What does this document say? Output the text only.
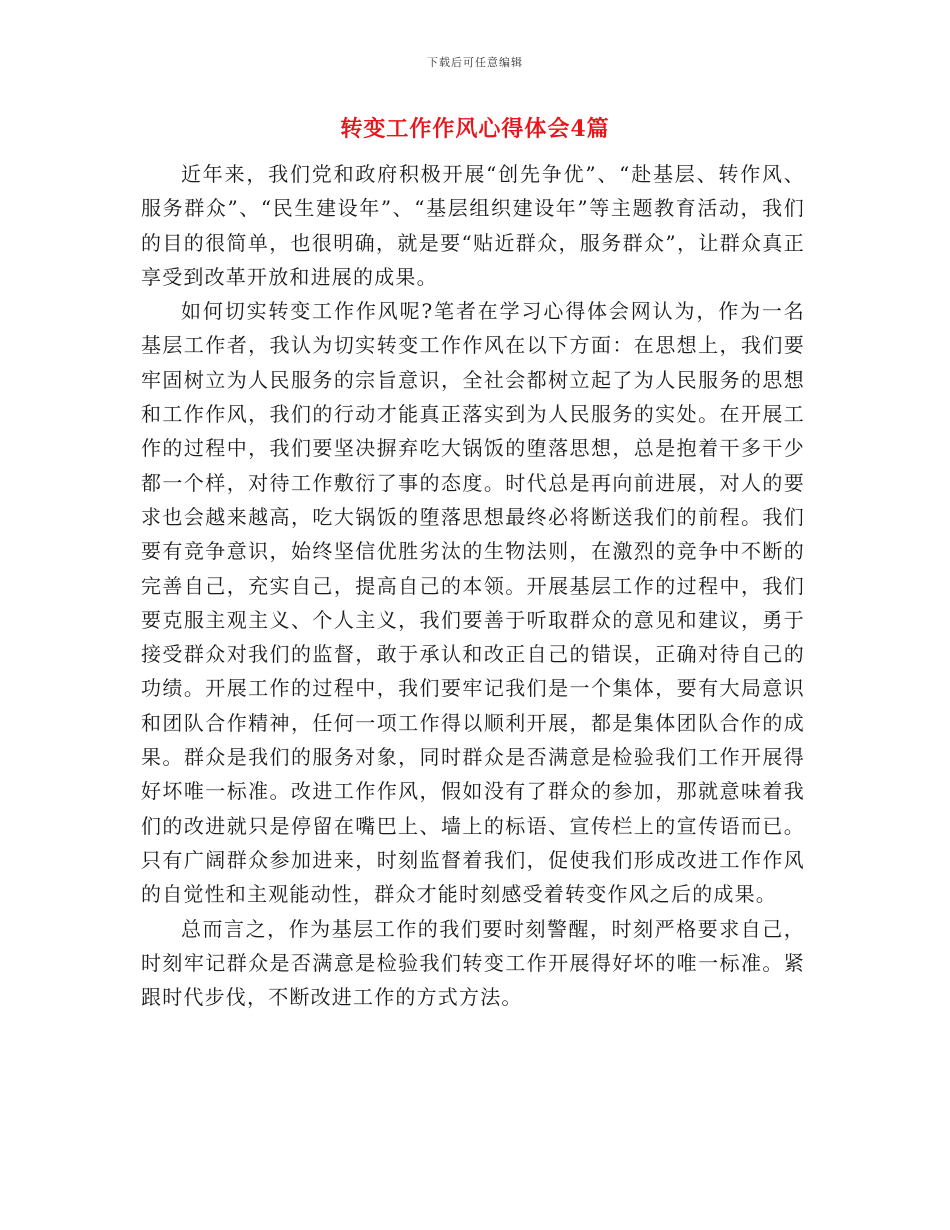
下载后可任意编辑
转变工作作风心得体会4篇

近年来，我们党和政府积极开展“创先争优”、“赴基层、转作风、服务群众”、“民生建设年”、“基层组织建设年”等主题教育活动，我们的目的很简单，也很明确，就是要“贴近群众，服务群众”，让群众真正享受到改革开放和进展的成果。

如何切实转变工作作风呢?笔者在学习心得体会网认为，作为一名基层工作者，我认为切实转变工作作风在以下方面：在思想上，我们要牢固树立为人民服务的宗旨意识，全社会都树立起了为人民服务的思想和工作作风，我们的行动才能真正落实到为人民服务的实处。在开展工作的过程中，我们要坚决摒弃吃大锅饭的堕落思想，总是抱着干多干少都一个样，对待工作敷衍了事的态度。时代总是再向前进展，对人的要求也会越来越高，吃大锅饭的堕落思想最终必将断送我们的前程。我们要有竞争意识，始终坚信优胜劣汰的生物法则，在激烈的竞争中不断的完善自己，充实自己，提高自己的本领。开展基层工作的过程中，我们要克服主观主义、个人主义，我们要善于听取群众的意见和建议，勇于接受群众对我们的监督，敢于承认和改正自己的错误，正确对待自己的功绩。开展工作的过程中，我们要牢记我们是一个集体，要有大局意识和团队合作精神，任何一项工作得以顺利开展，都是集体团队合作的成果。群众是我们的服务对象，同时群众是否满意是检验我们工作开展得好坏唯一标准。改进工作作风，假如没有了群众的参加，那就意味着我们的改进就只是停留在嘴巴上、墙上的标语、宣传栏上的宣传语而已。只有广阔群众参加进来，时刻监督着我们，促使我们形成改进工作作风的自觉性和主观能动性，群众才能时刻感受着转变作风之后的成果。

总而言之，作为基层工作的我们要时刻警醒，时刻严格要求自己，时刻牢记群众是否满意是检验我们转变工作开展得好坏的唯一标准。紧跟时代步伐，不断改进工作的方式方法。
